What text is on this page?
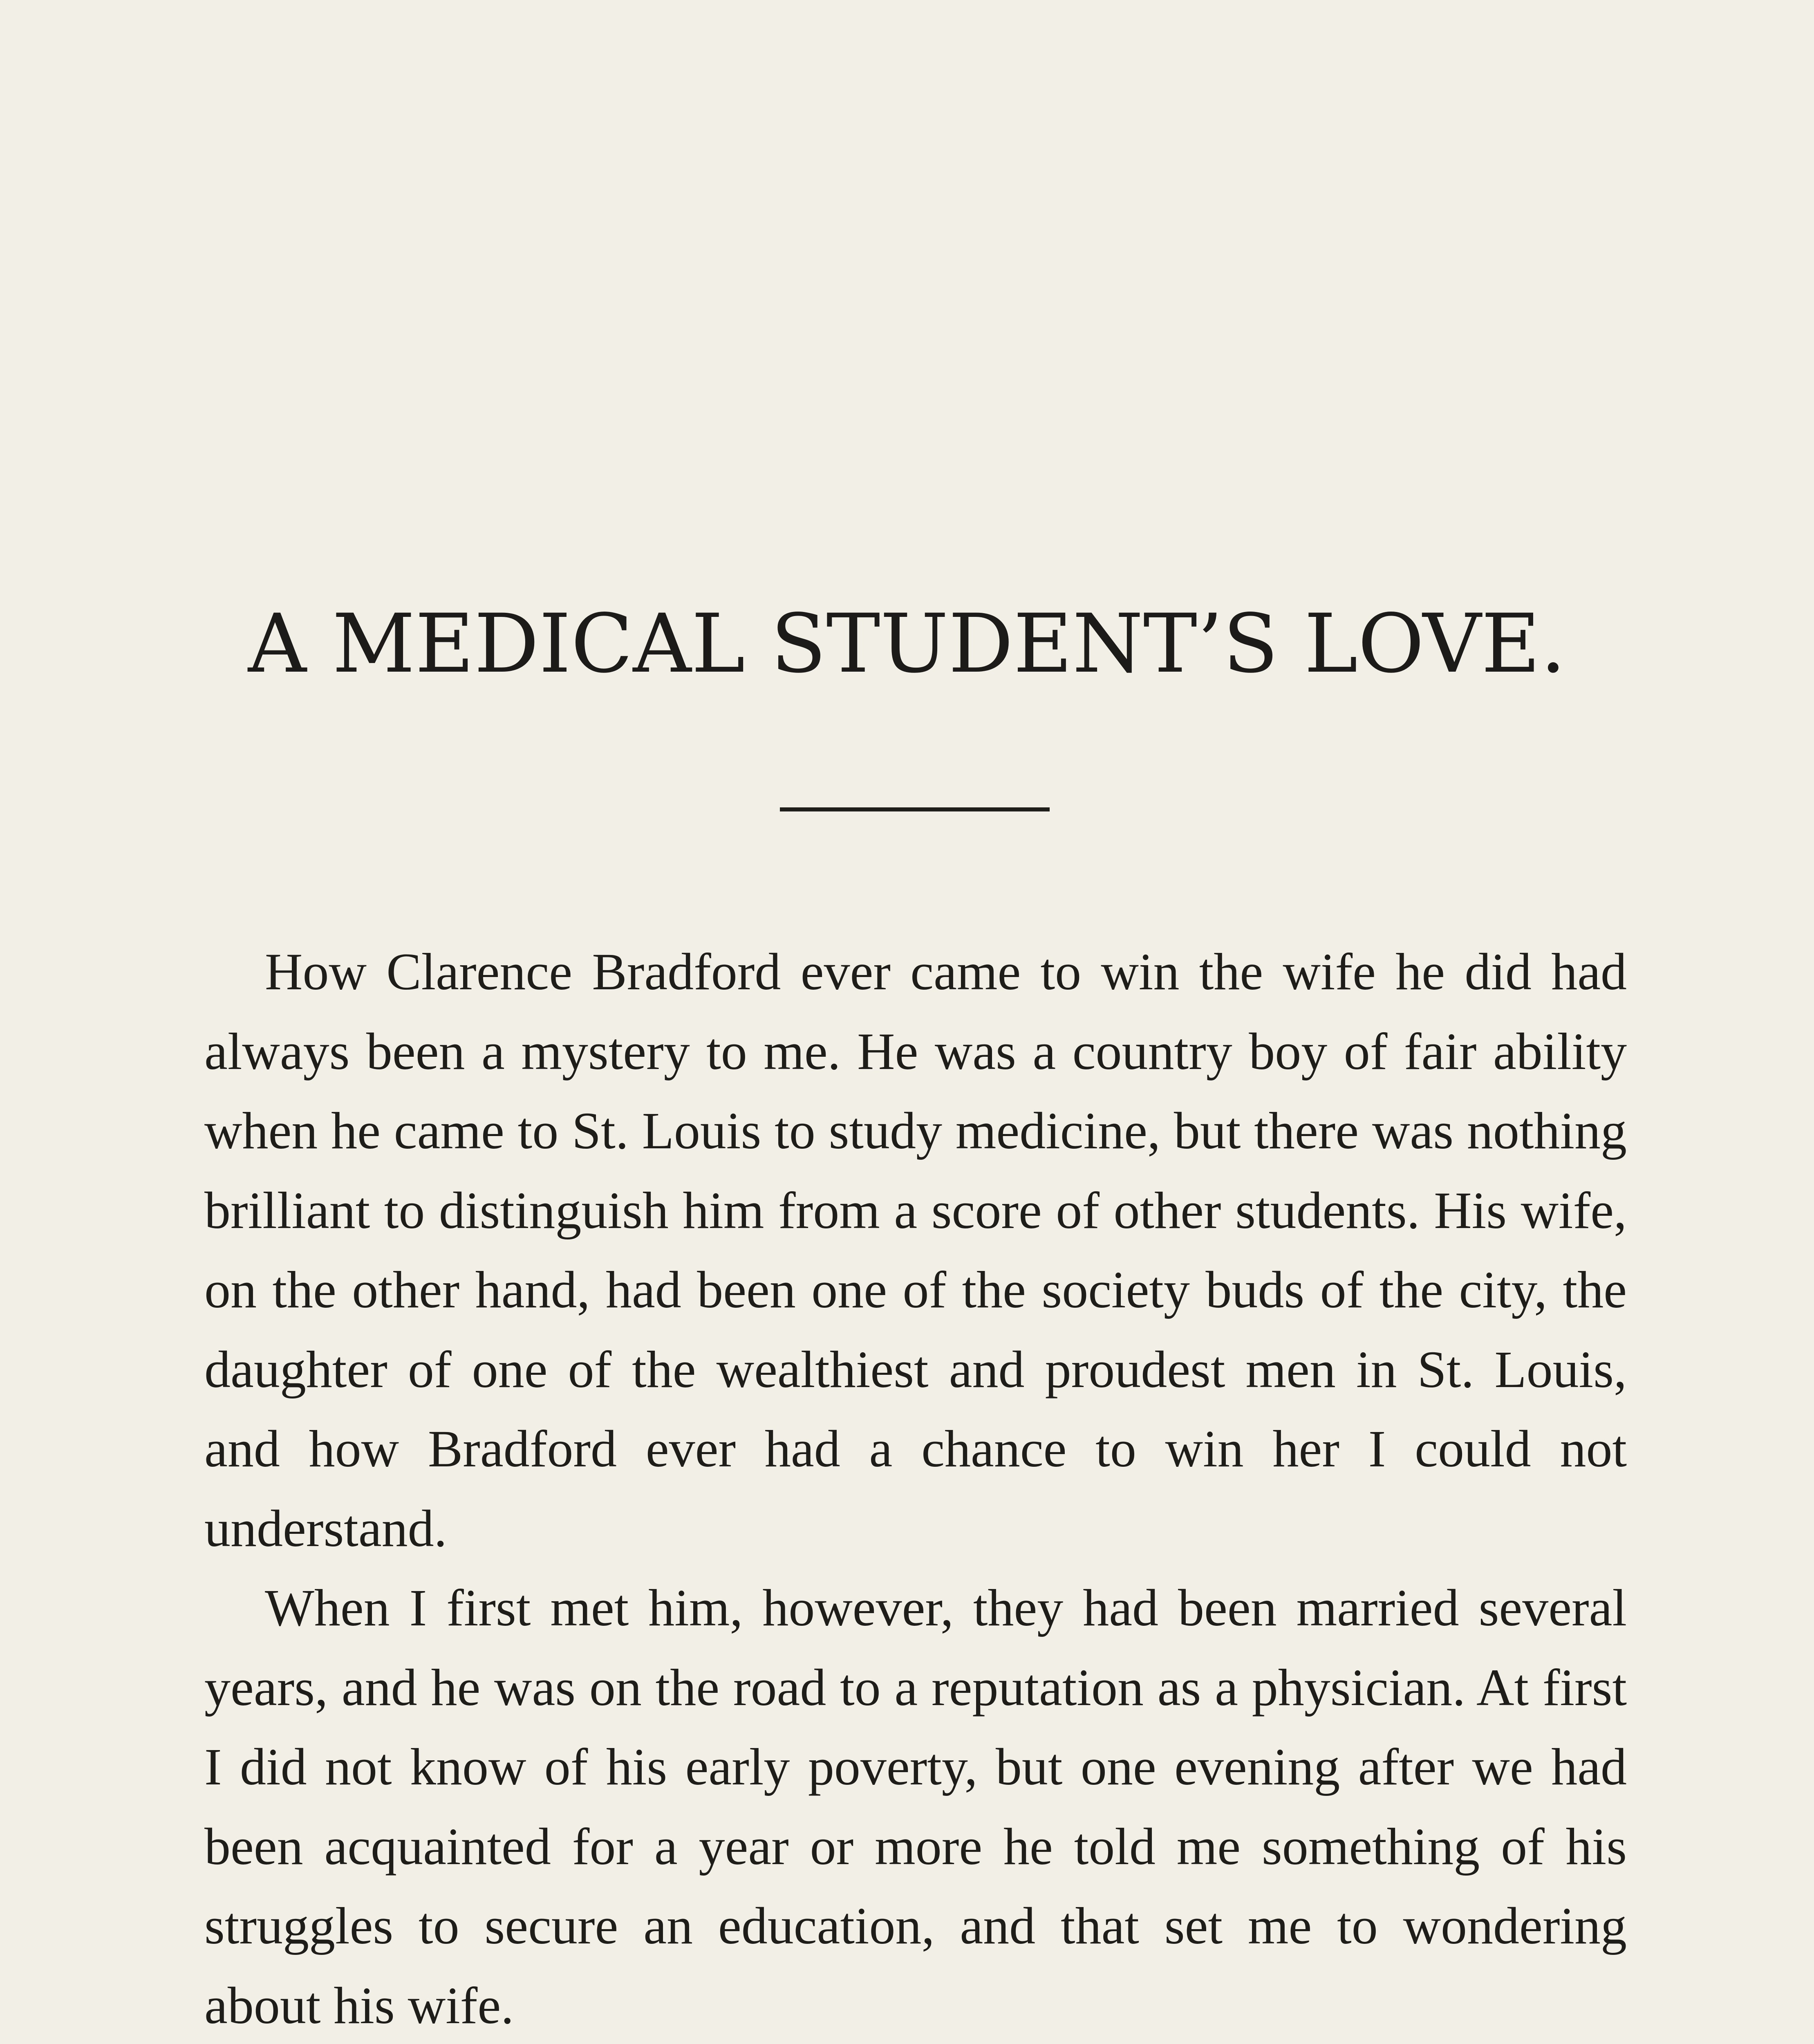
A MEDICAL STUDENT’S LOVE.

How Clarence Bradford ever came to win the wife he did had always been a mystery to me. He was a country boy of fair ability when he came to St. Louis to study medicine, but there was nothing brilliant to distinguish him from a score of other students. His wife, on the other hand, had been one of the society buds of the city, the daughter of one of the wealthiest and proudest men in St. Louis, and how Bradford ever had a chance to win her I could not understand.

When I first met him, however, they had been married several years, and he was on the road to a reputation as a physician. At first I did not know of his early poverty, but one evening after we had been acquainted for a year or more he told me something of his struggles to secure an education, and that set me to wondering about his wife.
